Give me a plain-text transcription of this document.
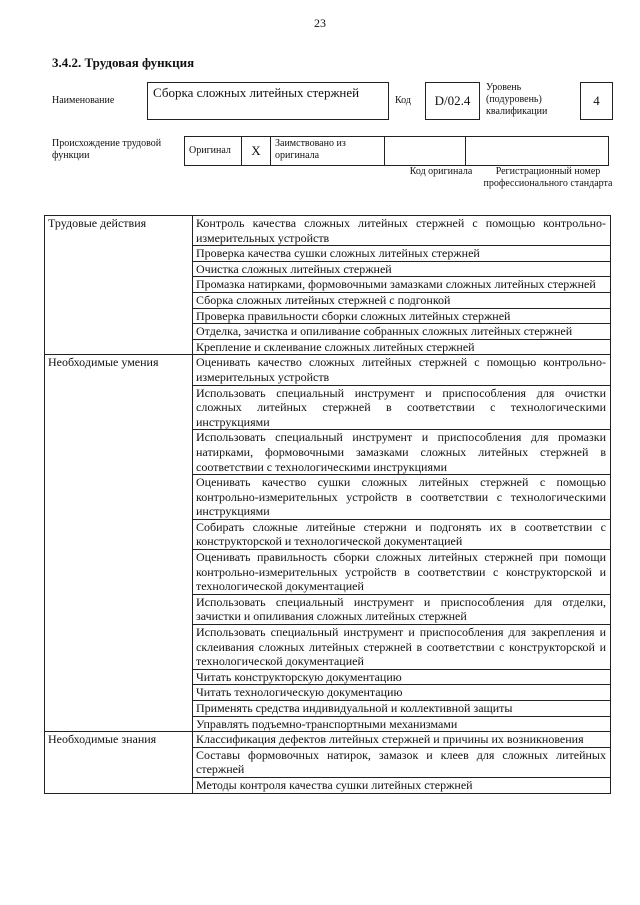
23
3.4.2. Трудовая функция
Наименование
Сборка сложных литейных стержней
Код	D/02.4
Уровень (подуровень) квалификации
4
Происхождение трудовой функции	Оригинал	X	Заимствовано из оригинала
Код оригинала	Регистрационный номер профессионального стандарта
Трудовые действия	Контроль качества сложных литейных стержней с помощью контрольно-измерительных устройств
	Проверка качества сушки сложных литейных стержней
	Очистка сложных литейных стержней
	Промазка натирками, формовочными замазками сложных литейных стержней
	Сборка сложных литейных стержней с подгонкой
	Проверка правильности сборки сложных литейных стержней
	Отделка, зачистка и опиливание собранных сложных литейных стержней
	Крепление и склеивание сложных литейных стержней
Необходимые умения	Оценивать качество сложных литейных стержней с помощью контрольно-измерительных устройств
	Использовать специальный инструмент и приспособления для очистки сложных литейных стержней в соответствии с технологическими инструкциями
	Использовать специальный инструмент и приспособления для промазки натирками, формовочными замазками сложных литейных стержней в соответствии с технологическими инструкциями
	Оценивать качество сушки сложных литейных стержней с помощью контрольно-измерительных устройств в соответствии с технологическими инструкциями
	Собирать сложные литейные стержни и подгонять их в соответствии с конструкторской и технологической документацией
	Оценивать правильность сборки сложных литейных стержней при помощи контрольно-измерительных устройств в соответствии с конструкторской и технологической документацией
	Использовать специальный инструмент и приспособления для отделки, зачистки и опиливания сложных литейных стержней
	Использовать специальный инструмент и приспособления для закрепления и склеивания сложных литейных стержней в соответствии с конструкторской и технологической документацией
	Читать конструкторскую документацию
	Читать технологическую документацию
	Применять средства индивидуальной и коллективной защиты
	Управлять подъемно-транспортными механизмами
Необходимые знания	Классификация дефектов литейных стержней и причины их возникновения
	Составы формовочных натирок, замазок и клеев для сложных литейных стержней
	Методы контроля качества сушки литейных стержней
